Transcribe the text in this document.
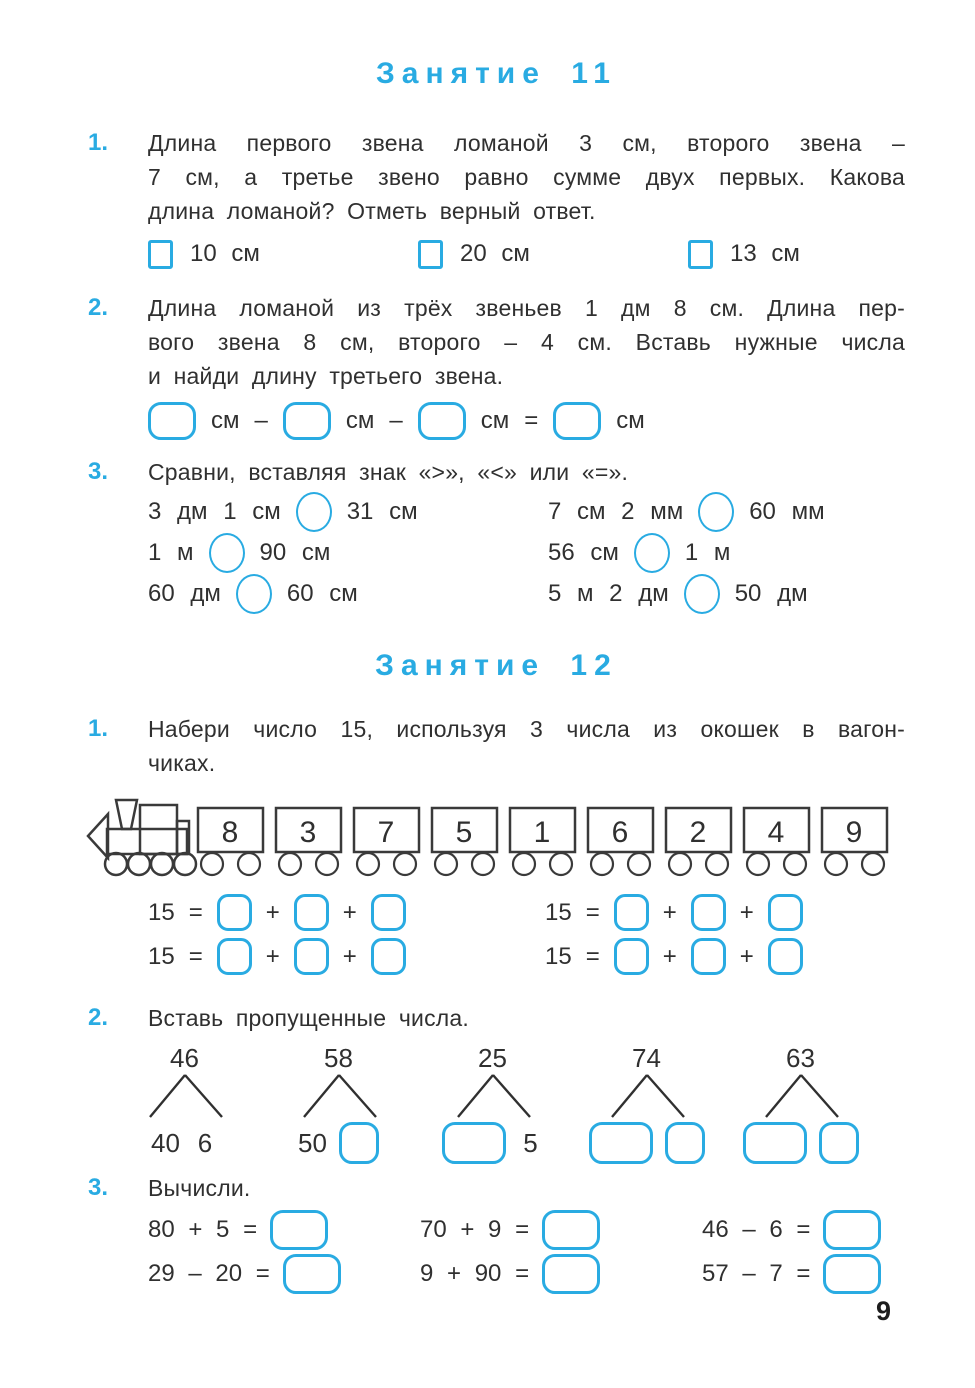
Занятие 11
1.	Длина первого звена ломаной 3 см, второго звена –
7 см, а третье звено равно сумме двух первых. Какова
длина ломаной? Отметь верный ответ.
10 см	20 см	13 см
2.	Длина ломаной из трёх звеньев 1 дм 8 см. Длина пер-
вого звена 8 см, второго – 4 см. Вставь нужные числа
и найди длину третьего звена.
см –	см –	см =	см
3.	Сравни, вставляя знак «>», «<» или «=».
3 дм 1 см	31 см
1 м	90 см
60 дм	60 см
7 см 2 мм	60 мм
56 см	1 м
5 м 2 дм	50 дм
Занятие 12
1.	Набери число 15, используя 3 числа из окошек в вагон-
чиках.
8 3 7 5 1 6 2 4 9
15 =	+	+	15 =	+	+
15 =	+	+	15 =	+	+
2.	Вставь пропущенные числа.
46
40 6
58
50
25
5
74	63
3.	Вычисли.
80 + 5 =	70 + 9 =	46 – 6 =
29 – 20 =	9 + 90 =	57 – 7 =
9
